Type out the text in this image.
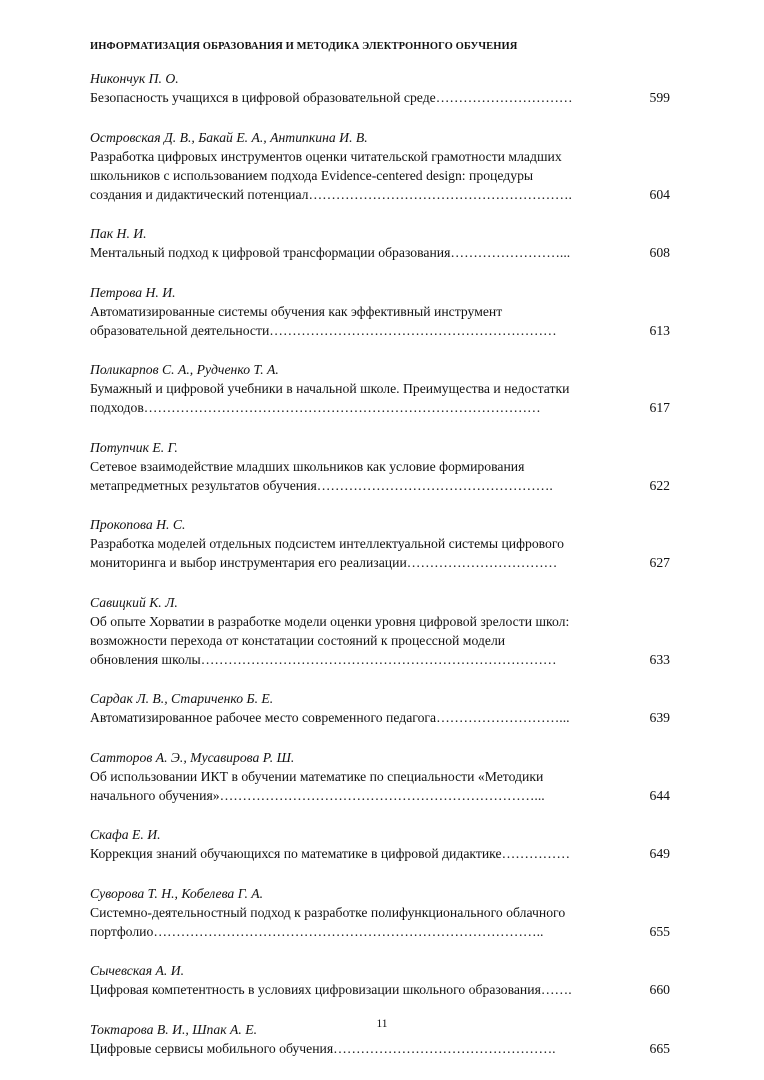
ИНФОРМАТИЗАЦИЯ ОБРАЗОВАНИЯ И МЕТОДИКА ЭЛЕКТРОННОГО ОБУЧЕНИЯ
Никончук П. О.
Безопасность учащихся в цифровой образовательной среде…………………………	599
Островская Д. В., Бакай Е. А., Антипкина И. В.
Разработка цифровых инструментов оценки читательской грамотности младших
школьников с использованием подхода Evidence-centered design: процедуры
создания и дидактический потенциал………………………………………………….	604
Пак Н. И.
Ментальный подход к цифровой трансформации образования……………………...	608
Петрова Н. И.
Автоматизированные системы обучения как эффективный инструмент
образовательной деятельности………………………………………………………	613
Поликарпов С. А., Рудченко Т. А.
Бумажный и цифровой учебники в начальной школе. Преимущества и недостатки
подходов……………………………………………………………………………	617
Потупчик Е. Г.
Сетевое взаимодействие младших школьников как условие формирования
метапредметных результатов обучения…………………………………………….	622
Прокопова Н. С.
Разработка моделей отдельных подсистем интеллектуальной системы цифрового
мониторинга и выбор инструментария его реализации……………………………	627
Савицкий К. Л.
Об опыте Хорватии в разработке модели оценки уровня цифровой зрелости школ:
возможности перехода от констатации состояний к процессной модели
обновления школы……………………………………………………………………	633
Сардак Л. В., Стариченко Б. Е.
Автоматизированное рабочее место современного педагога………………………...	639
Сатторов А. Э., Мусавирова Р. Ш.
Об использовании ИКТ в обучении математике по специальности «Методики
начального обучения»……………………………………………………………...	644
Скафа Е. И.
Коррекция знаний обучающихся по математике в цифровой дидактике……………	649
Суворова Т. Н., Кобелева Г. А.
Системно-деятельностный подход к разработке полифункционального облачного
портфолио…………………………………………………………………………..	655
Сычевская А. И.
Цифровая компетентность в условиях цифровизации школьного образования…….	660
Токтарова В. И., Шпак А. Е.
Цифровые сервисы мобильного обучения………………………………………….	665
11
